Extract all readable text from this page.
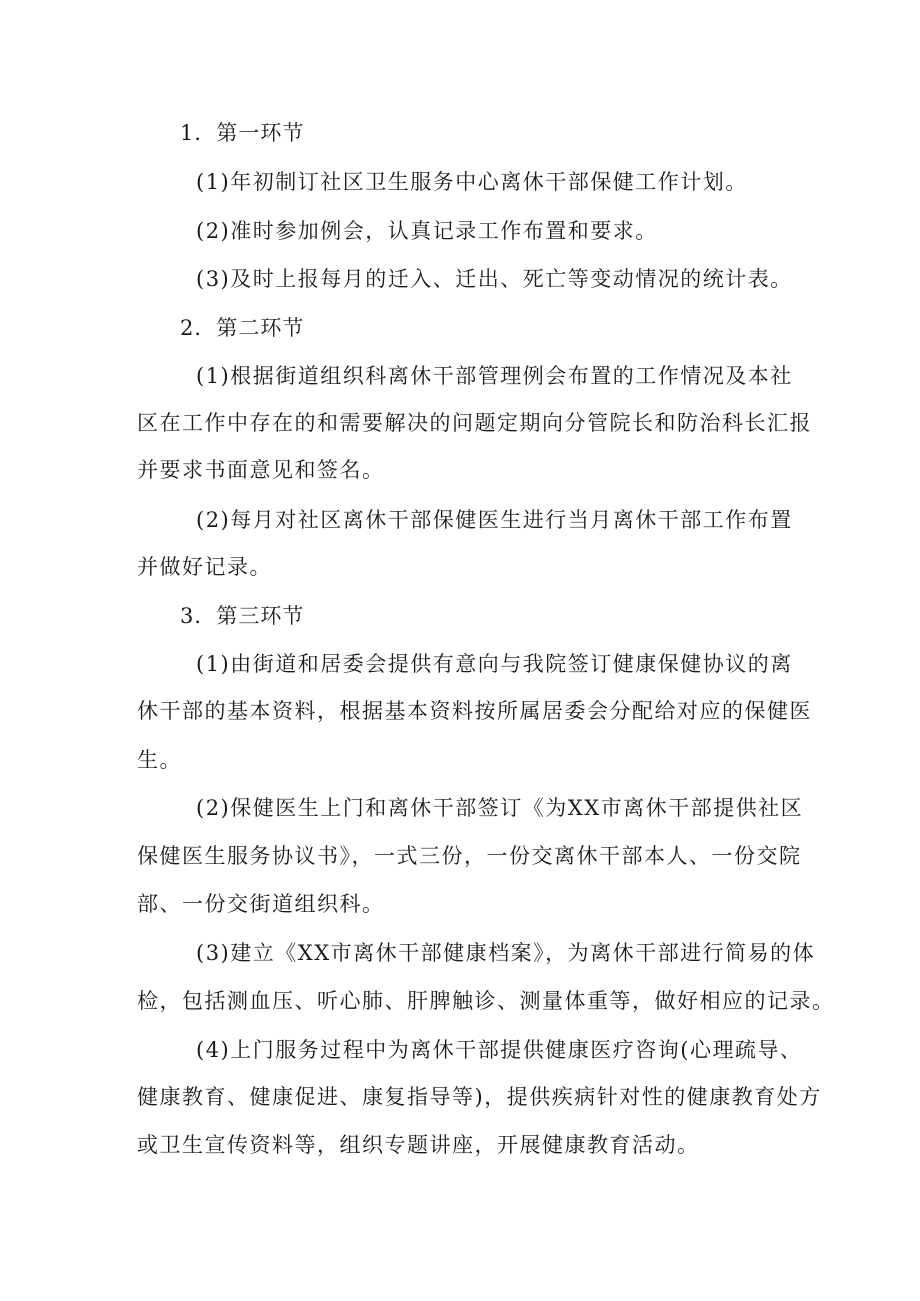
1．第一环节
(1)年初制订社区卫生服务中心离休干部保健工作计划。
(2)准时参加例会，认真记录工作布置和要求。
(3)及时上报每月的迁入、迁出、死亡等变动情况的统计表。
2．第二环节
(1)根据街道组织科离休干部管理例会布置的工作情况及本社
区在工作中存在的和需要解决的问题定期向分管院长和防治科长汇报
并要求书面意见和签名。
(2)每月对社区离休干部保健医生进行当月离休干部工作布置
并做好记录。
3．第三环节
(1)由街道和居委会提供有意向与我院签订健康保健协议的离
休干部的基本资料，根据基本资料按所属居委会分配给对应的保健医
生。
(2)保健医生上门和离休干部签订《为XX市离休干部提供社区
保健医生服务协议书》，一式三份，一份交离休干部本人、一份交院
部、一份交街道组织科。
(3)建立《XX市离休干部健康档案》，为离休干部进行简易的体
检，包括测血压、听心肺、肝脾触诊、测量体重等，做好相应的记录。
(4)上门服务过程中为离休干部提供健康医疗咨询(心理疏导、
健康教育、健康促进、康复指导等)，提供疾病针对性的健康教育处方
或卫生宣传资料等，组织专题讲座，开展健康教育活动。
